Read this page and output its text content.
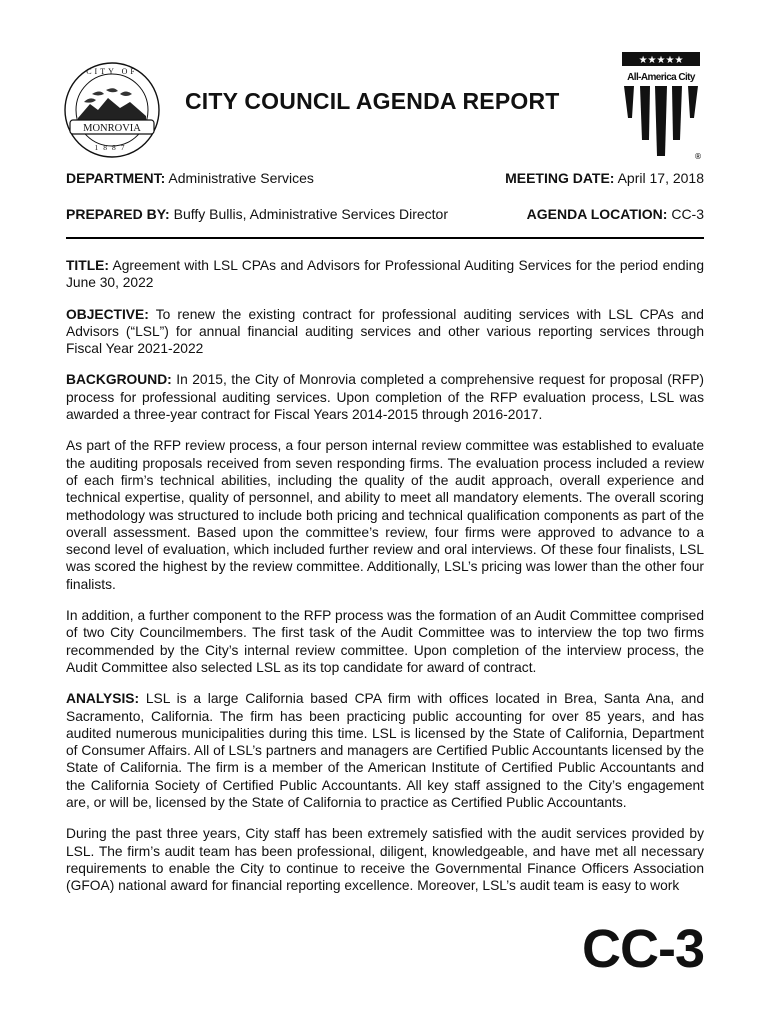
MONROVIA
CITY OF
1887
CITY COUNCIL AGENDA REPORT
★★★★★
All-America City
®
DEPARTMENT: Administrative Services	MEETING DATE: April 17, 2018
PREPARED BY: Buffy Bullis, Administrative Services Director	AGENDA LOCATION: CC-3

TITLE: Agreement with LSL CPAs and Advisors for Professional Auditing Services for the period ending June 30, 2022

OBJECTIVE: To renew the existing contract for professional auditing services with LSL CPAs and Advisors (“LSL”) for annual financial auditing services and other various reporting services through Fiscal Year 2021-2022

BACKGROUND: In 2015, the City of Monrovia completed a comprehensive request for proposal (RFP) process for professional auditing services. Upon completion of the RFP evaluation process, LSL was awarded a three-year contract for Fiscal Years 2014-2015 through 2016-2017.

As part of the RFP review process, a four person internal review committee was established to evaluate the auditing proposals received from seven responding firms. The evaluation process included a review of each firm’s technical abilities, including the quality of the audit approach, overall experience and technical expertise, quality of personnel, and ability to meet all mandatory elements. The overall scoring methodology was structured to include both pricing and technical qualification components as part of the overall assessment. Based upon the committee’s review, four firms were approved to advance to a second level of evaluation, which included further review and oral interviews. Of these four finalists, LSL was scored the highest by the review committee. Additionally, LSL’s pricing was lower than the other four finalists.

In addition, a further component to the RFP process was the formation of an Audit Committee comprised of two City Councilmembers. The first task of the Audit Committee was to interview the top two firms recommended by the City’s internal review committee. Upon completion of the interview process, the Audit Committee also selected LSL as its top candidate for award of contract.

ANALYSIS: LSL is a large California based CPA firm with offices located in Brea, Santa Ana, and Sacramento, California. The firm has been practicing public accounting for over 85 years, and has audited numerous municipalities during this time. LSL is licensed by the State of California, Department of Consumer Affairs. All of LSL’s partners and managers are Certified Public Accountants licensed by the State of California. The firm is a member of the American Institute of Certified Public Accountants and the California Society of Certified Public Accountants. All key staff assigned to the City’s engagement are, or will be, licensed by the State of California to practice as Certified Public Accountants.

During the past three years, City staff has been extremely satisfied with the audit services provided by LSL. The firm’s audit team has been professional, diligent, knowledgeable, and have met all necessary requirements to enable the City to continue to receive the Governmental Finance Officers Association (GFOA) national award for financial reporting excellence. Moreover, LSL’s audit team is easy to work

CC-3
